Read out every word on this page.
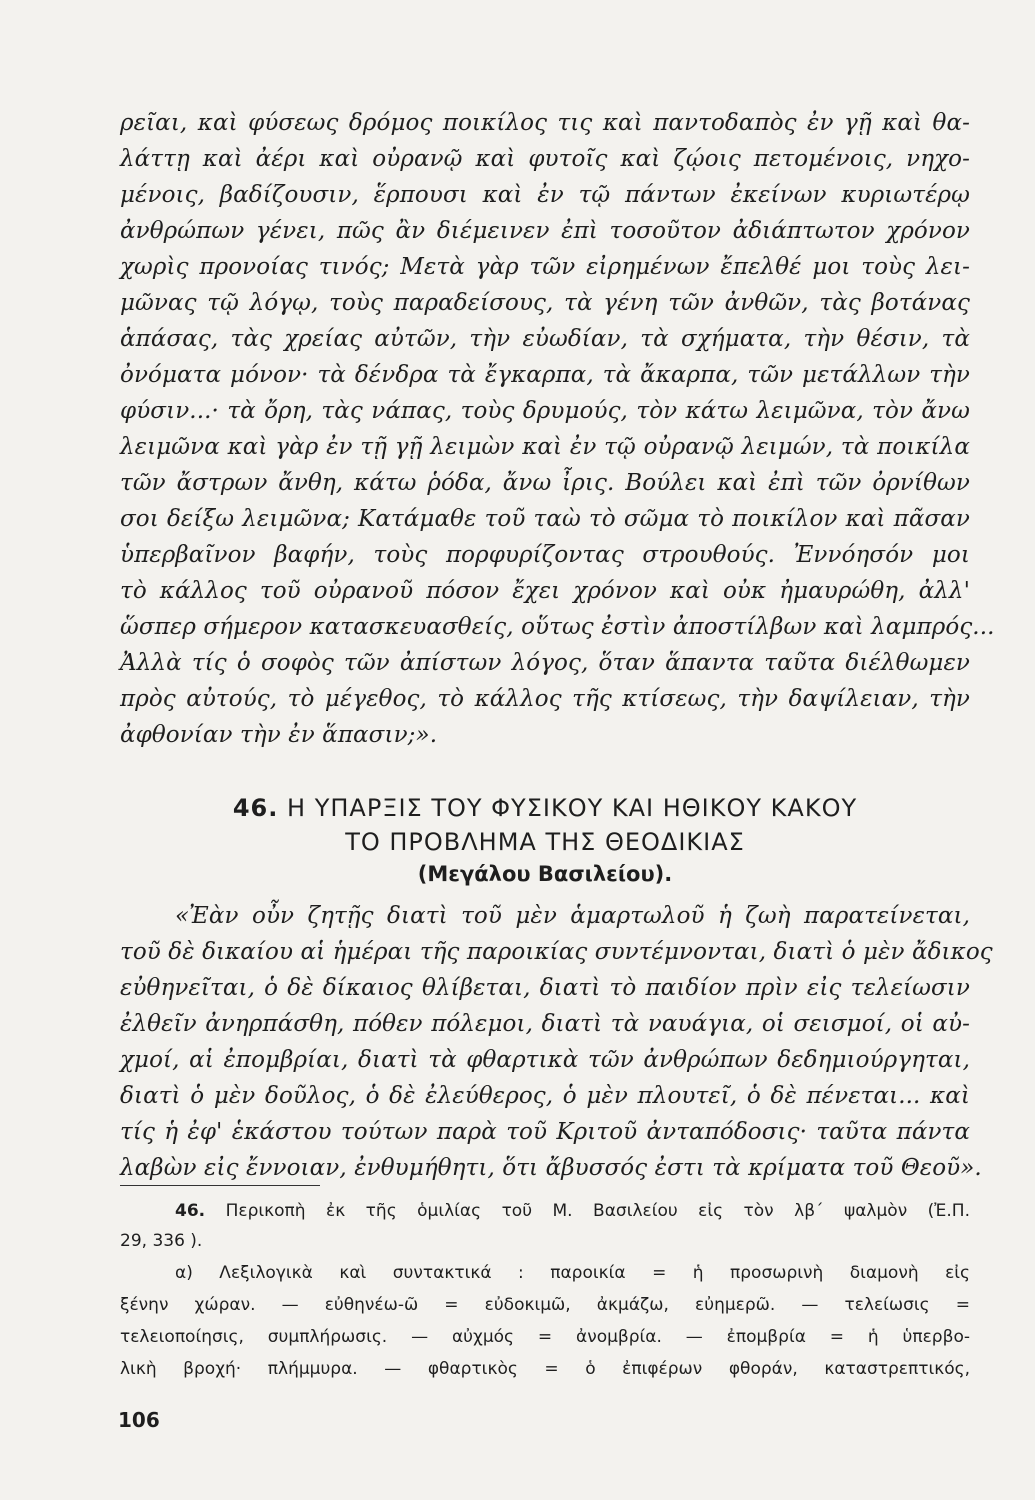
ρεῖαι, καὶ φύσεως δρόμος ποικίλος τις καὶ παντοδαπὸς ἐν γῇ καὶ θα-

λάττῃ καὶ ἀέρι καὶ οὐρανῷ καὶ φυτοῖς καὶ ζῴοις πετομένοις, νηχο-

μένοις, βαδίζουσιν, ἕρπουσι καὶ ἐν τῷ πάντων ἐκείνων κυριωτέρῳ

ἀνθρώπων γένει, πῶς ἂν διέμεινεν ἐπὶ τοσοῦτον ἀδιάπτωτον χρόνον

χωρὶς προνοίας τινός; Μετὰ γὰρ τῶν εἰρημένων ἔπελθέ μοι τοὺς λει-

μῶνας τῷ λόγῳ, τοὺς παραδείσους, τὰ γένη τῶν ἀνθῶν, τὰς βοτάνας

ἁπάσας, τὰς χρείας αὐτῶν, τὴν εὐωδίαν, τὰ σχήματα, τὴν θέσιν, τὰ

ὀνόματα μόνον· τὰ δένδρα τὰ ἔγκαρπα, τὰ ἄκαρπα, τῶν μετάλλων τὴν

φύσιν...· τὰ ὄρη, τὰς νάπας, τοὺς δρυμούς, τὸν κάτω λειμῶνα, τὸν ἄνω

λειμῶνα καὶ γὰρ ἐν τῇ γῇ λειμὼν καὶ ἐν τῷ οὐρανῷ λειμών, τὰ ποικίλα

τῶν ἄστρων ἄνθη, κάτω ῥόδα, ἄνω ἶρις. Βούλει καὶ ἐπὶ τῶν ὀρνίθων

σοι δείξω λειμῶνα; Κατάμαθε τοῦ ταὼ τὸ σῶμα τὸ ποικίλον καὶ πᾶσαν

ὑπερβαῖνον βαφήν, τοὺς πορφυρίζοντας στρουθούς. Ἐννόησόν μοι

τὸ κάλλος τοῦ οὐρανοῦ πόσον ἔχει χρόνον καὶ οὐκ ἠμαυρώθη, ἀλλ'

ὥσπερ σήμερον κατασκευασθείς, οὕτως ἐστὶν ἀποστίλβων καὶ λαμπρός...

Ἀλλὰ τίς ὁ σοφὸς τῶν ἀπίστων λόγος, ὅταν ἅπαντα ταῦτα διέλθωμεν

πρὸς αὐτούς, τὸ μέγεθος, τὸ κάλλος τῆς κτίσεως, τὴν δαψίλειαν, τὴν

ἀφθονίαν τὴν ἐν ἅπασιν;».

46. Η ΥΠΑΡΞΙΣ ΤΟΥ ΦΥΣΙΚΟΥ ΚΑΙ ΗΘΙΚΟΥ ΚΑΚΟΥ
ΤΟ ΠΡΟΒΛΗΜΑ ΤΗΣ ΘΕΟΔΙΚΙΑΣ
(Μεγάλου Βασιλείου).

«Ἐὰν οὖν ζητῇς διατὶ τοῦ μὲν ἁμαρτωλοῦ ἡ ζωὴ παρατείνεται,

τοῦ δὲ δικαίου αἱ ἡμέραι τῆς παροικίας συντέμνονται, διατὶ ὁ μὲν ἄδικος

εὐθηνεῖται, ὁ δὲ δίκαιος θλίβεται, διατὶ τὸ παιδίον πρὶν εἰς τελείωσιν

ἐλθεῖν ἀνηρπάσθη, πόθεν πόλεμοι, διατὶ τὰ ναυάγια, οἱ σεισμοί, οἱ αὐ-

χμοί, αἱ ἐπομβρίαι, διατὶ τὰ φθαρτικὰ τῶν ἀνθρώπων δεδημιούργηται,

διατὶ ὁ μὲν δοῦλος, ὁ δὲ ἐλεύθερος, ὁ μὲν πλουτεῖ, ὁ δὲ πένεται... καὶ

τίς ἡ ἐφ' ἑκάστου τούτων παρὰ τοῦ Κριτοῦ ἀνταπόδοσις· ταῦτα πάντα

λαβὼν εἰς ἔννοιαν, ἐνθυμήθητι, ὅτι ἄβυσσός ἐστι τὰ κρίματα τοῦ Θεοῦ».

46. Περικοπὴ ἐκ τῆς ὁμιλίας τοῦ Μ. Βασιλείου εἰς τὸν λβ΄ ψαλμὸν (Ἐ.Π.
29, 336 ).
α) Λεξιλογικὰ καὶ συντακτικά : παροικία = ἡ προσωρινὴ διαμονὴ εἰς
ξένην χώραν. — εὐθηνέω-ῶ = εὐδοκιμῶ, ἀκμάζω, εὐημερῶ. — τελείωσις =
τελειοποίησις, συμπλήρωσις. — αὐχμός = ἀνομβρία. — ἐπομβρία = ἡ ὑπερβο-
λικὴ βροχή· πλήμμυρα. — φθαρτικὸς = ὁ ἐπιφέρων φθοράν, καταστρεπτικός,
106
